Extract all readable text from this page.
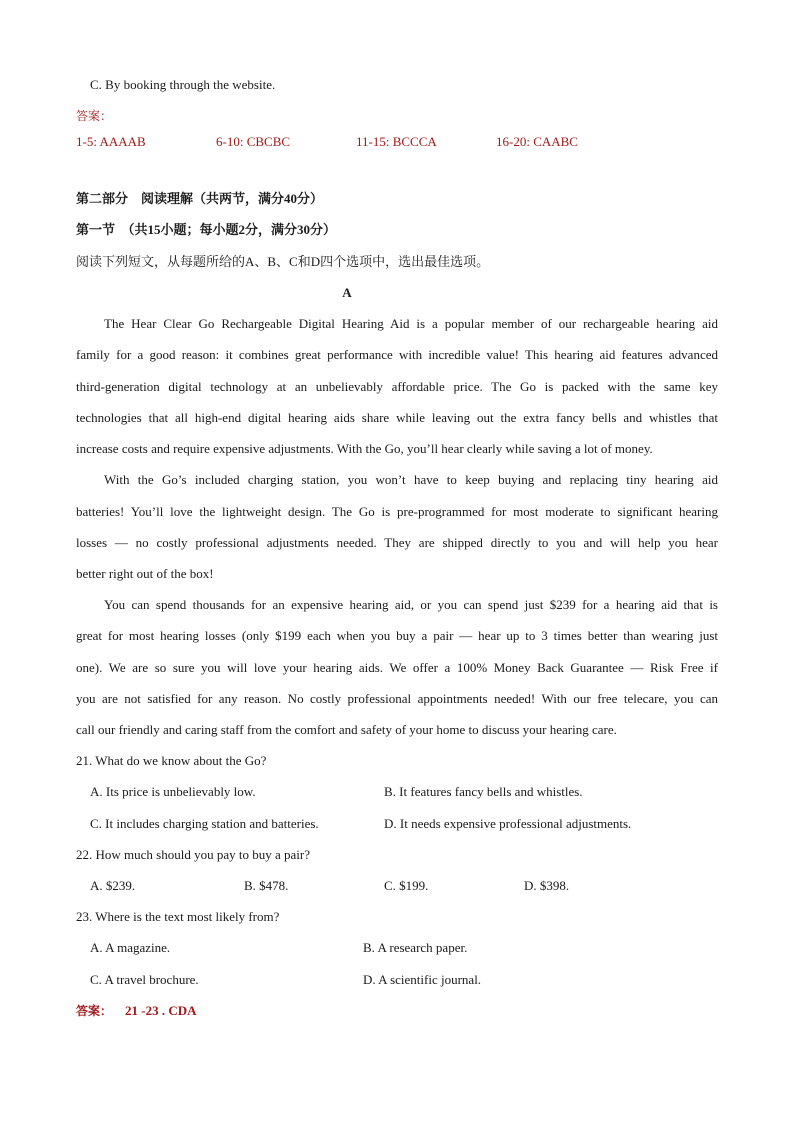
C. By booking through the website.
答案：
1-5: AAAAB	6-10: CBCBC	11-15: BCCCA	16-20: CAABC
第二部分　阅读理解（共两节，满分40分）
第一节　（共15小题；每小题2分，满分30分）
阅读下列短文，从每题所给的A、B、C和D四个选项中，选出最佳选项。
A
The Hear Clear Go Rechargeable Digital Hearing Aid is a popular member of our rechargeable hearing aid
family for a good reason: it combines great performance with incredible value! This hearing aid features advanced
third-generation digital technology at an unbelievably affordable price. The Go is packed with the same key
technologies that all high-end digital hearing aids share while leaving out the extra fancy bells and whistles that
increase costs and require expensive adjustments. With the Go, you’ll hear clearly while saving a lot of money.
With the Go’s included charging station, you won’t have to keep buying and replacing tiny hearing aid
batteries! You’ll love the lightweight design. The Go is pre-programmed for most moderate to significant hearing
losses — no costly professional adjustments needed. They are shipped directly to you and will help you hear
better right out of the box!
You can spend thousands for an expensive hearing aid, or you can spend just $239 for a hearing aid that is
great for most hearing losses (only $199 each when you buy a pair — hear up to 3 times better than wearing just
one). We are so sure you will love your hearing aids. We offer a 100% Money Back Guarantee — Risk Free if
you are not satisfied for any reason. No costly professional appointments needed! With our free telecare, you can
call our friendly and caring staff from the comfort and safety of your home to discuss your hearing care.
21. What do we know about the Go?
A. Its price is unbelievably low.	B. It features fancy bells and whistles.
C. It includes charging station and batteries.	D. It needs expensive professional adjustments.
22. How much should you pay to buy a pair?
A. $239.	B. $478.	C. $199.	D. $398.
23. Where is the text most likely from?
A. A magazine.	B. A research paper.
C. A travel brochure.	D. A scientific journal.
答案： 21 -23 . CDA
